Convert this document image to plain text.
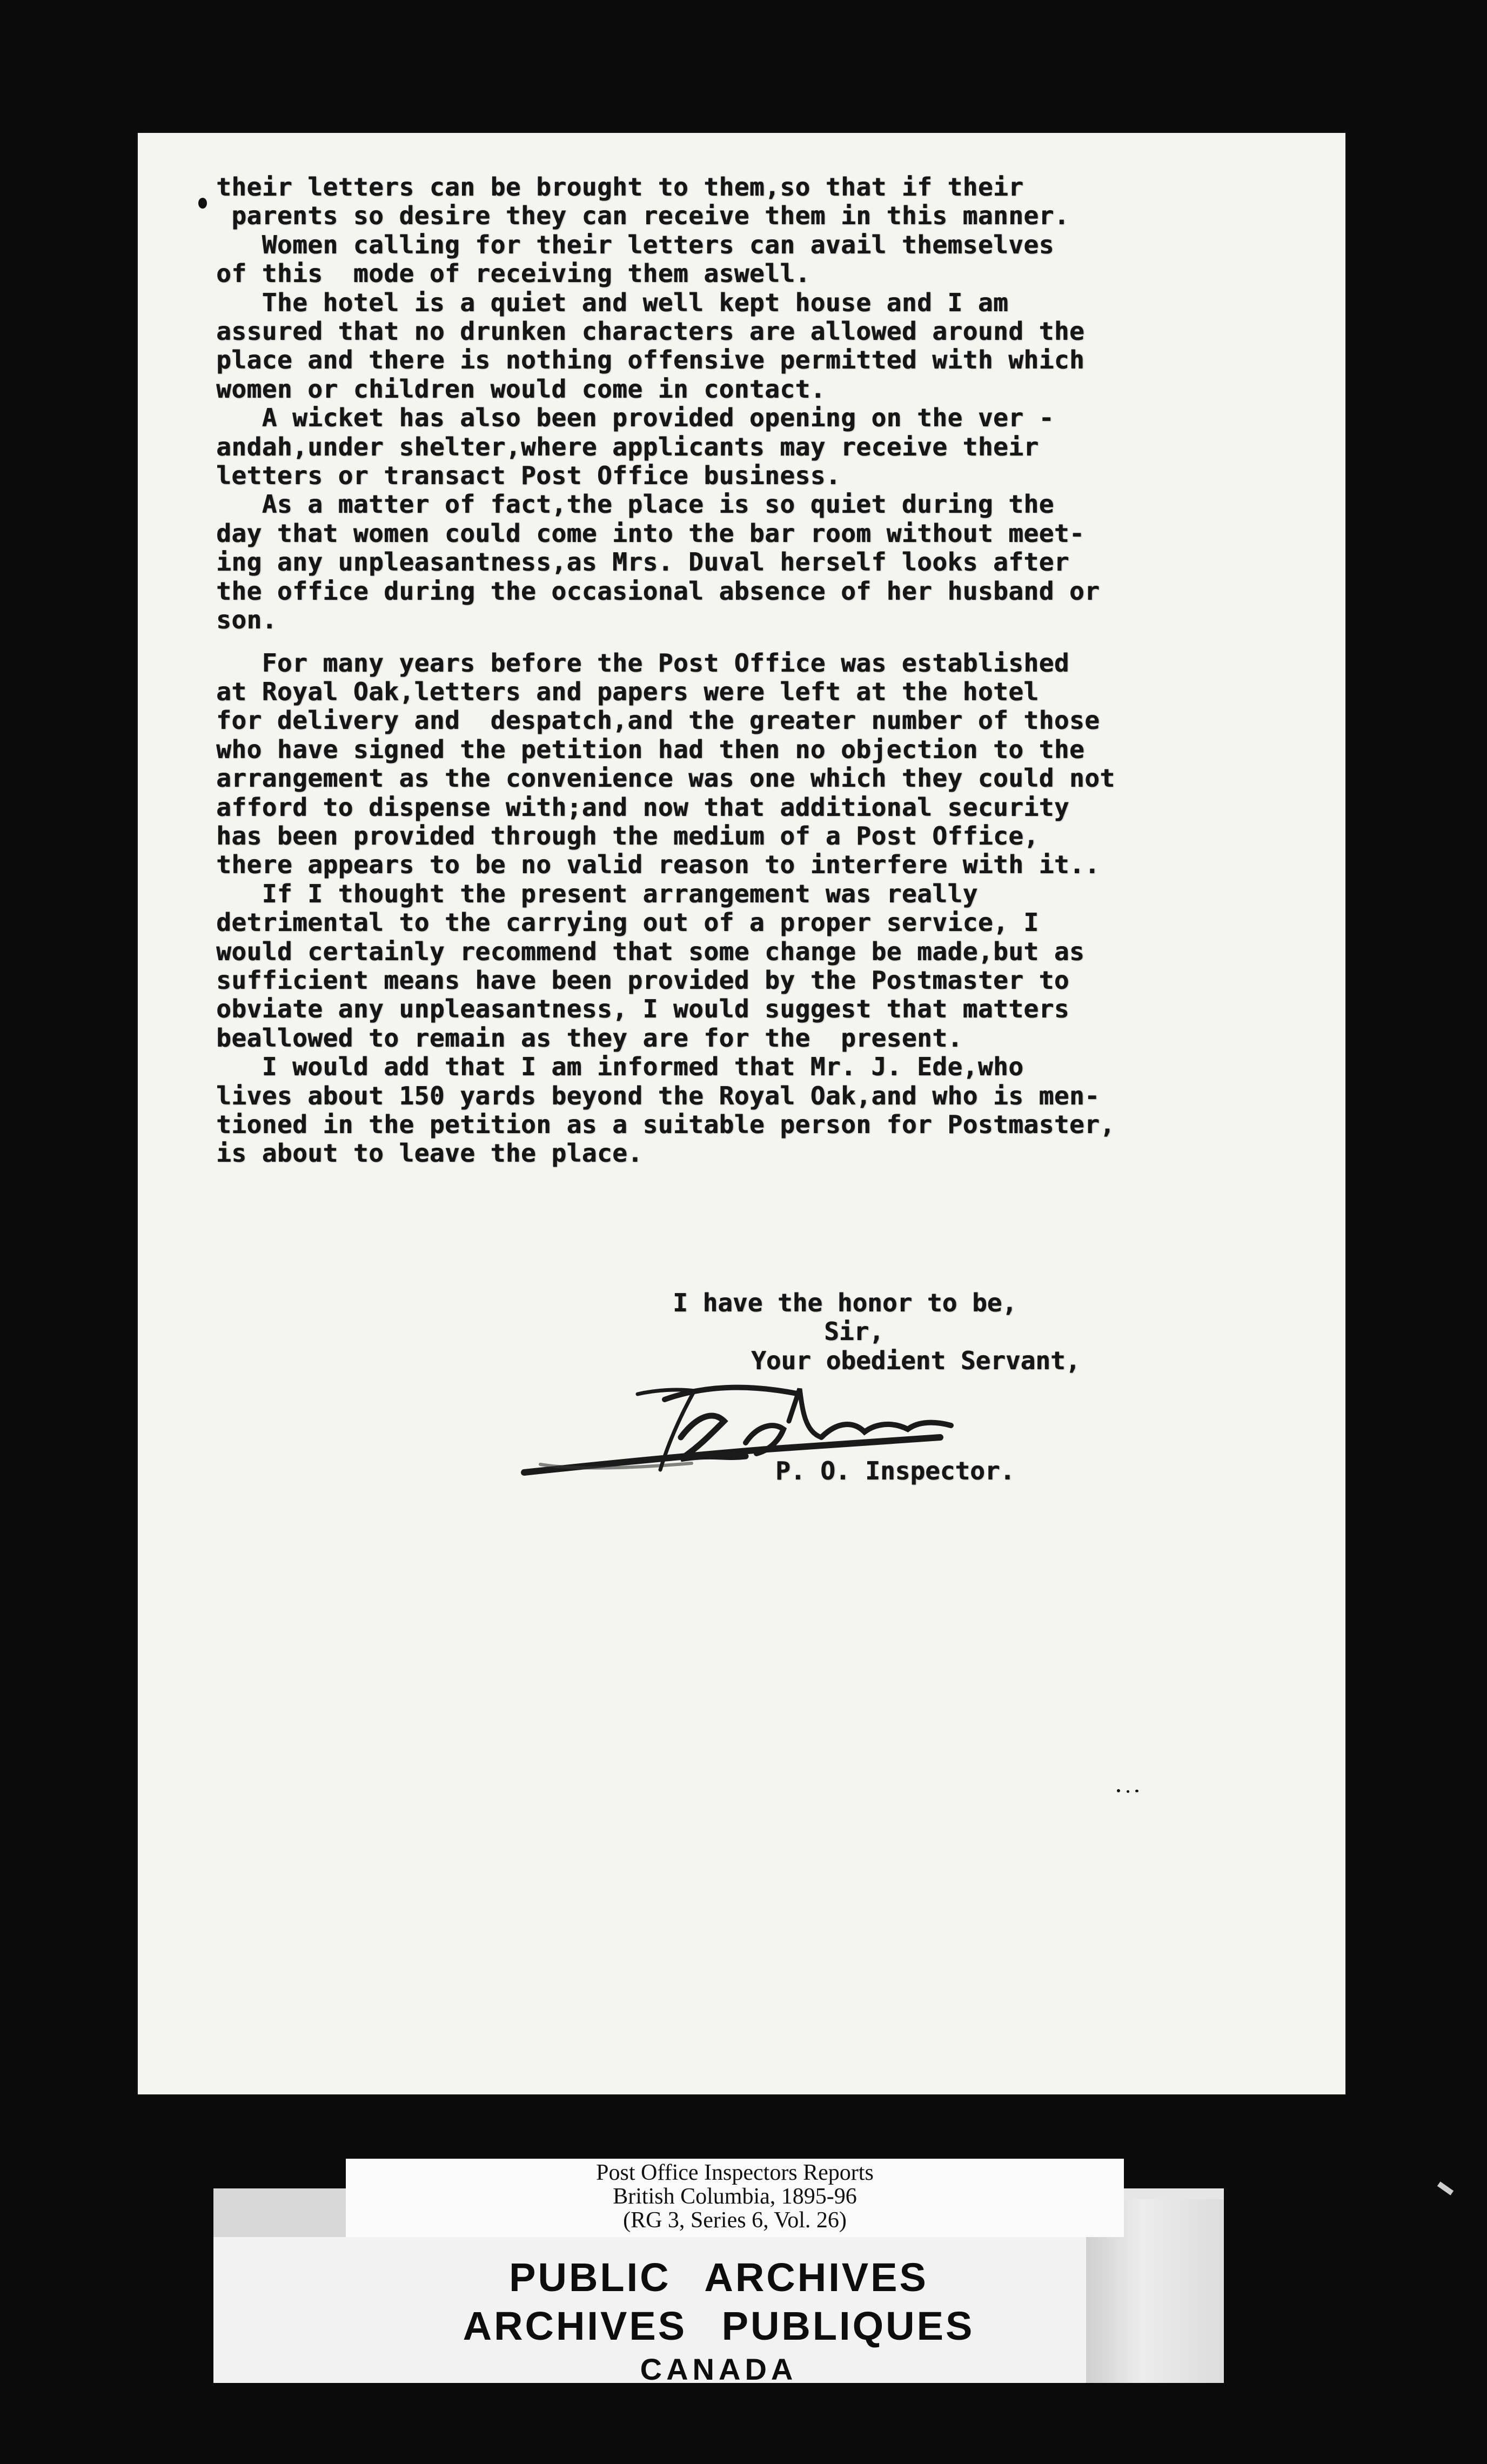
their letters can be brought to them,so that if their
parents so desire they can receive them in this manner.
Women calling for their letters can avail themselves
of this  mode of receiving them aswell.
The hotel is a quiet and well kept house and I am
assured that no drunken characters are allowed around the
place and there is nothing offensive permitted with which
women or children would come in contact.
A wicket has also been provided opening on the ver -
andah,under shelter,where applicants may receive their
letters or transact Post Office business.
As a matter of fact,the place is so quiet during the
day that women could come into the bar room without meet-
ing any unpleasantness,as Mrs. Duval herself looks after
the office during the occasional absence of her husband or
son.
For many years before the Post Office was established
at Royal Oak,letters and papers were left at the hotel
for delivery and  despatch,and the greater number of those
who have signed the petition had then no objection to the
arrangement as the convenience was one which they could not
afford to dispense with;and now that additional security
has been provided through the medium of a Post Office,
there appears to be no valid reason to interfere with it..
If I thought the present arrangement was really
detrimental to the carrying out of a proper service, I
would certainly recommend that some change be made,but as
sufficient means have been provided by the Postmaster to
obviate any unpleasantness, I would suggest that matters
beallowed to remain as they are for the  present.
I would add that I am informed that Mr. J. Ede,who
lives about 150 yards beyond the Royal Oak,and who is men-
tioned in the petition as a suitable person for Postmaster,
is about to leave the place.
I have the honor to be,
Sir,
Your obedient Servant,
P. O. Inspector.
Post Office Inspectors Reports
British Columbia, 1895-96
(RG 3, Series 6, Vol. 26)
PUBLIC ARCHIVES
ARCHIVES PUBLIQUES
CANADA
